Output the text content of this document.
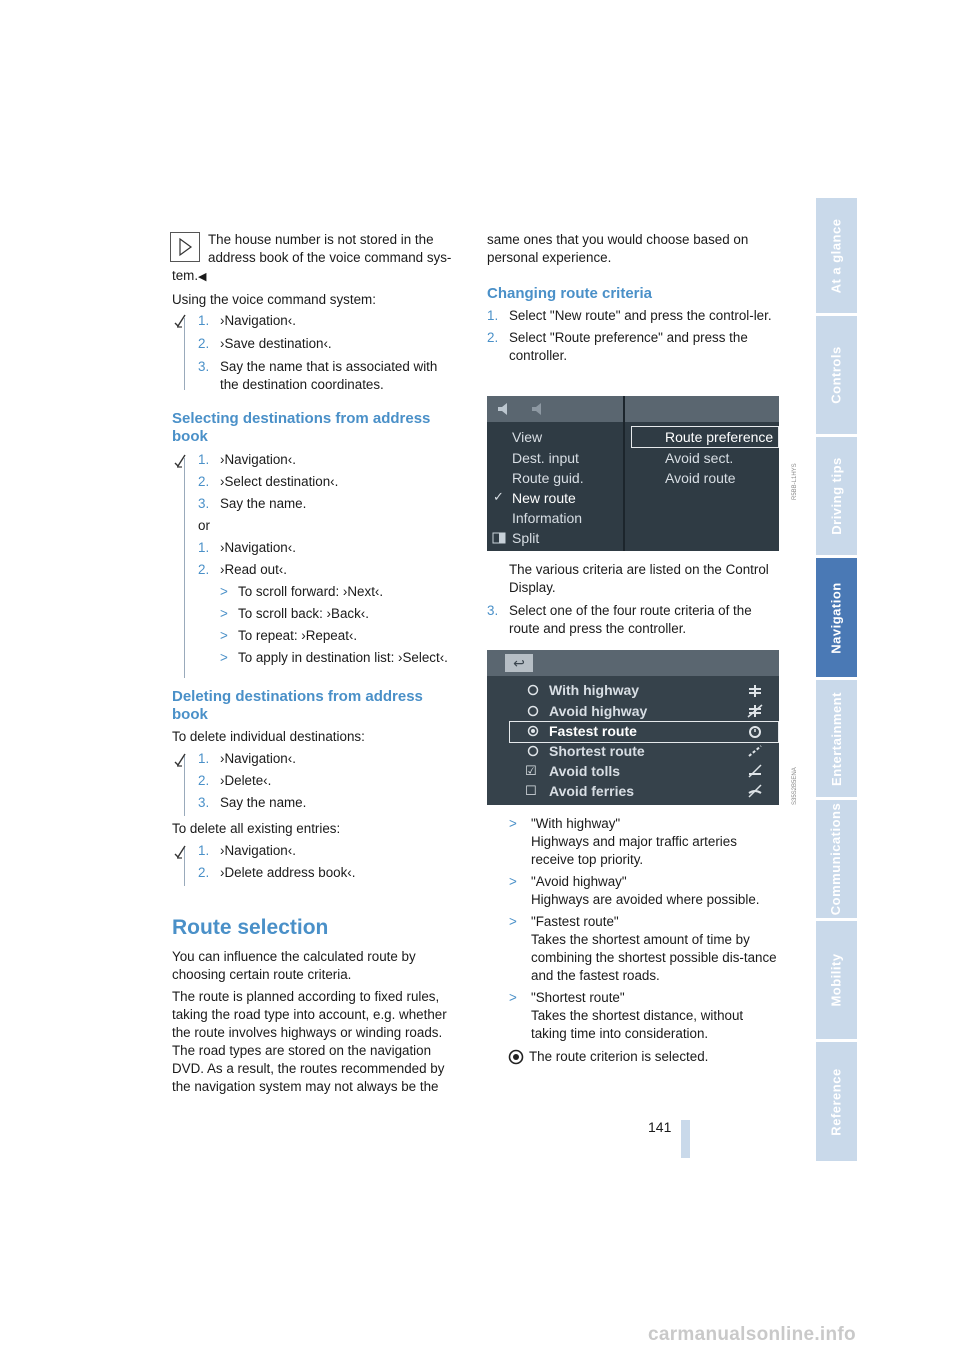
At a glance
Controls
Driving tips
Navigation
Entertainment
Communications
Mobility
Reference

The house number is not stored in the

address book of the voice command sys-

tem.◀

Using the voice command system:

1. ›Navigation‹.
2. ›Save destination‹.
3. Say the name that is associated with the destination coordinates.
Selecting destinations from address book
1. ›Navigation‹.
2. ›Select destination‹.
3. Say the name.

or

1. ›Navigation‹.
2. ›Read out‹.
> To scroll forward: ›Next‹.
> To scroll back: ›Back‹.
> To repeat: ›Repeat‹.
> To apply in destination list: ›Select‹.
Deleting destinations from address book

To delete individual destinations:

1. ›Navigation‹.
2. ›Delete‹.
3. Say the name.

To delete all existing entries:

1. ›Navigation‹.
2. ›Delete address book‹.
Route selection

You can influence the calculated route by choosing certain route criteria.

The route is planned according to fixed rules, taking the road type into account, e.g. whether the route involves highways or winding roads. The road types are stored on the navigation DVD. As a result, the routes recommended by the navigation system may not always be the

same ones that you would choose based on personal experience.

Changing route criteria
1. Select "New route" and press the control-ler.
2. Select "Route preference" and press the controller.
View
Dest. input
Route guid.
✓ New route
Information
Split
Route preference
Avoid sect.
Avoid route	R5BB-L1HYS

The various criteria are listed on the Control Display.

3. Select one of the four route criteria of the route and press the controller.
↩
☑
☐
With highway
Avoid highway
Fastest route
Shortest route
Avoid tolls
Avoid ferries	S35S2B5ENA
>	"With highway"
Highways and major traffic arteries receive top priority.
>	"Avoid highway"
Highways are avoided where possible.
>	"Fastest route"
Takes the shortest amount of time by combining the shortest possible dis-tance and the fastest roads.
>	"Shortest route"
Takes the shortest distance, without taking time into consideration.

The route criterion is selected.

141
carmanualsonline.info
